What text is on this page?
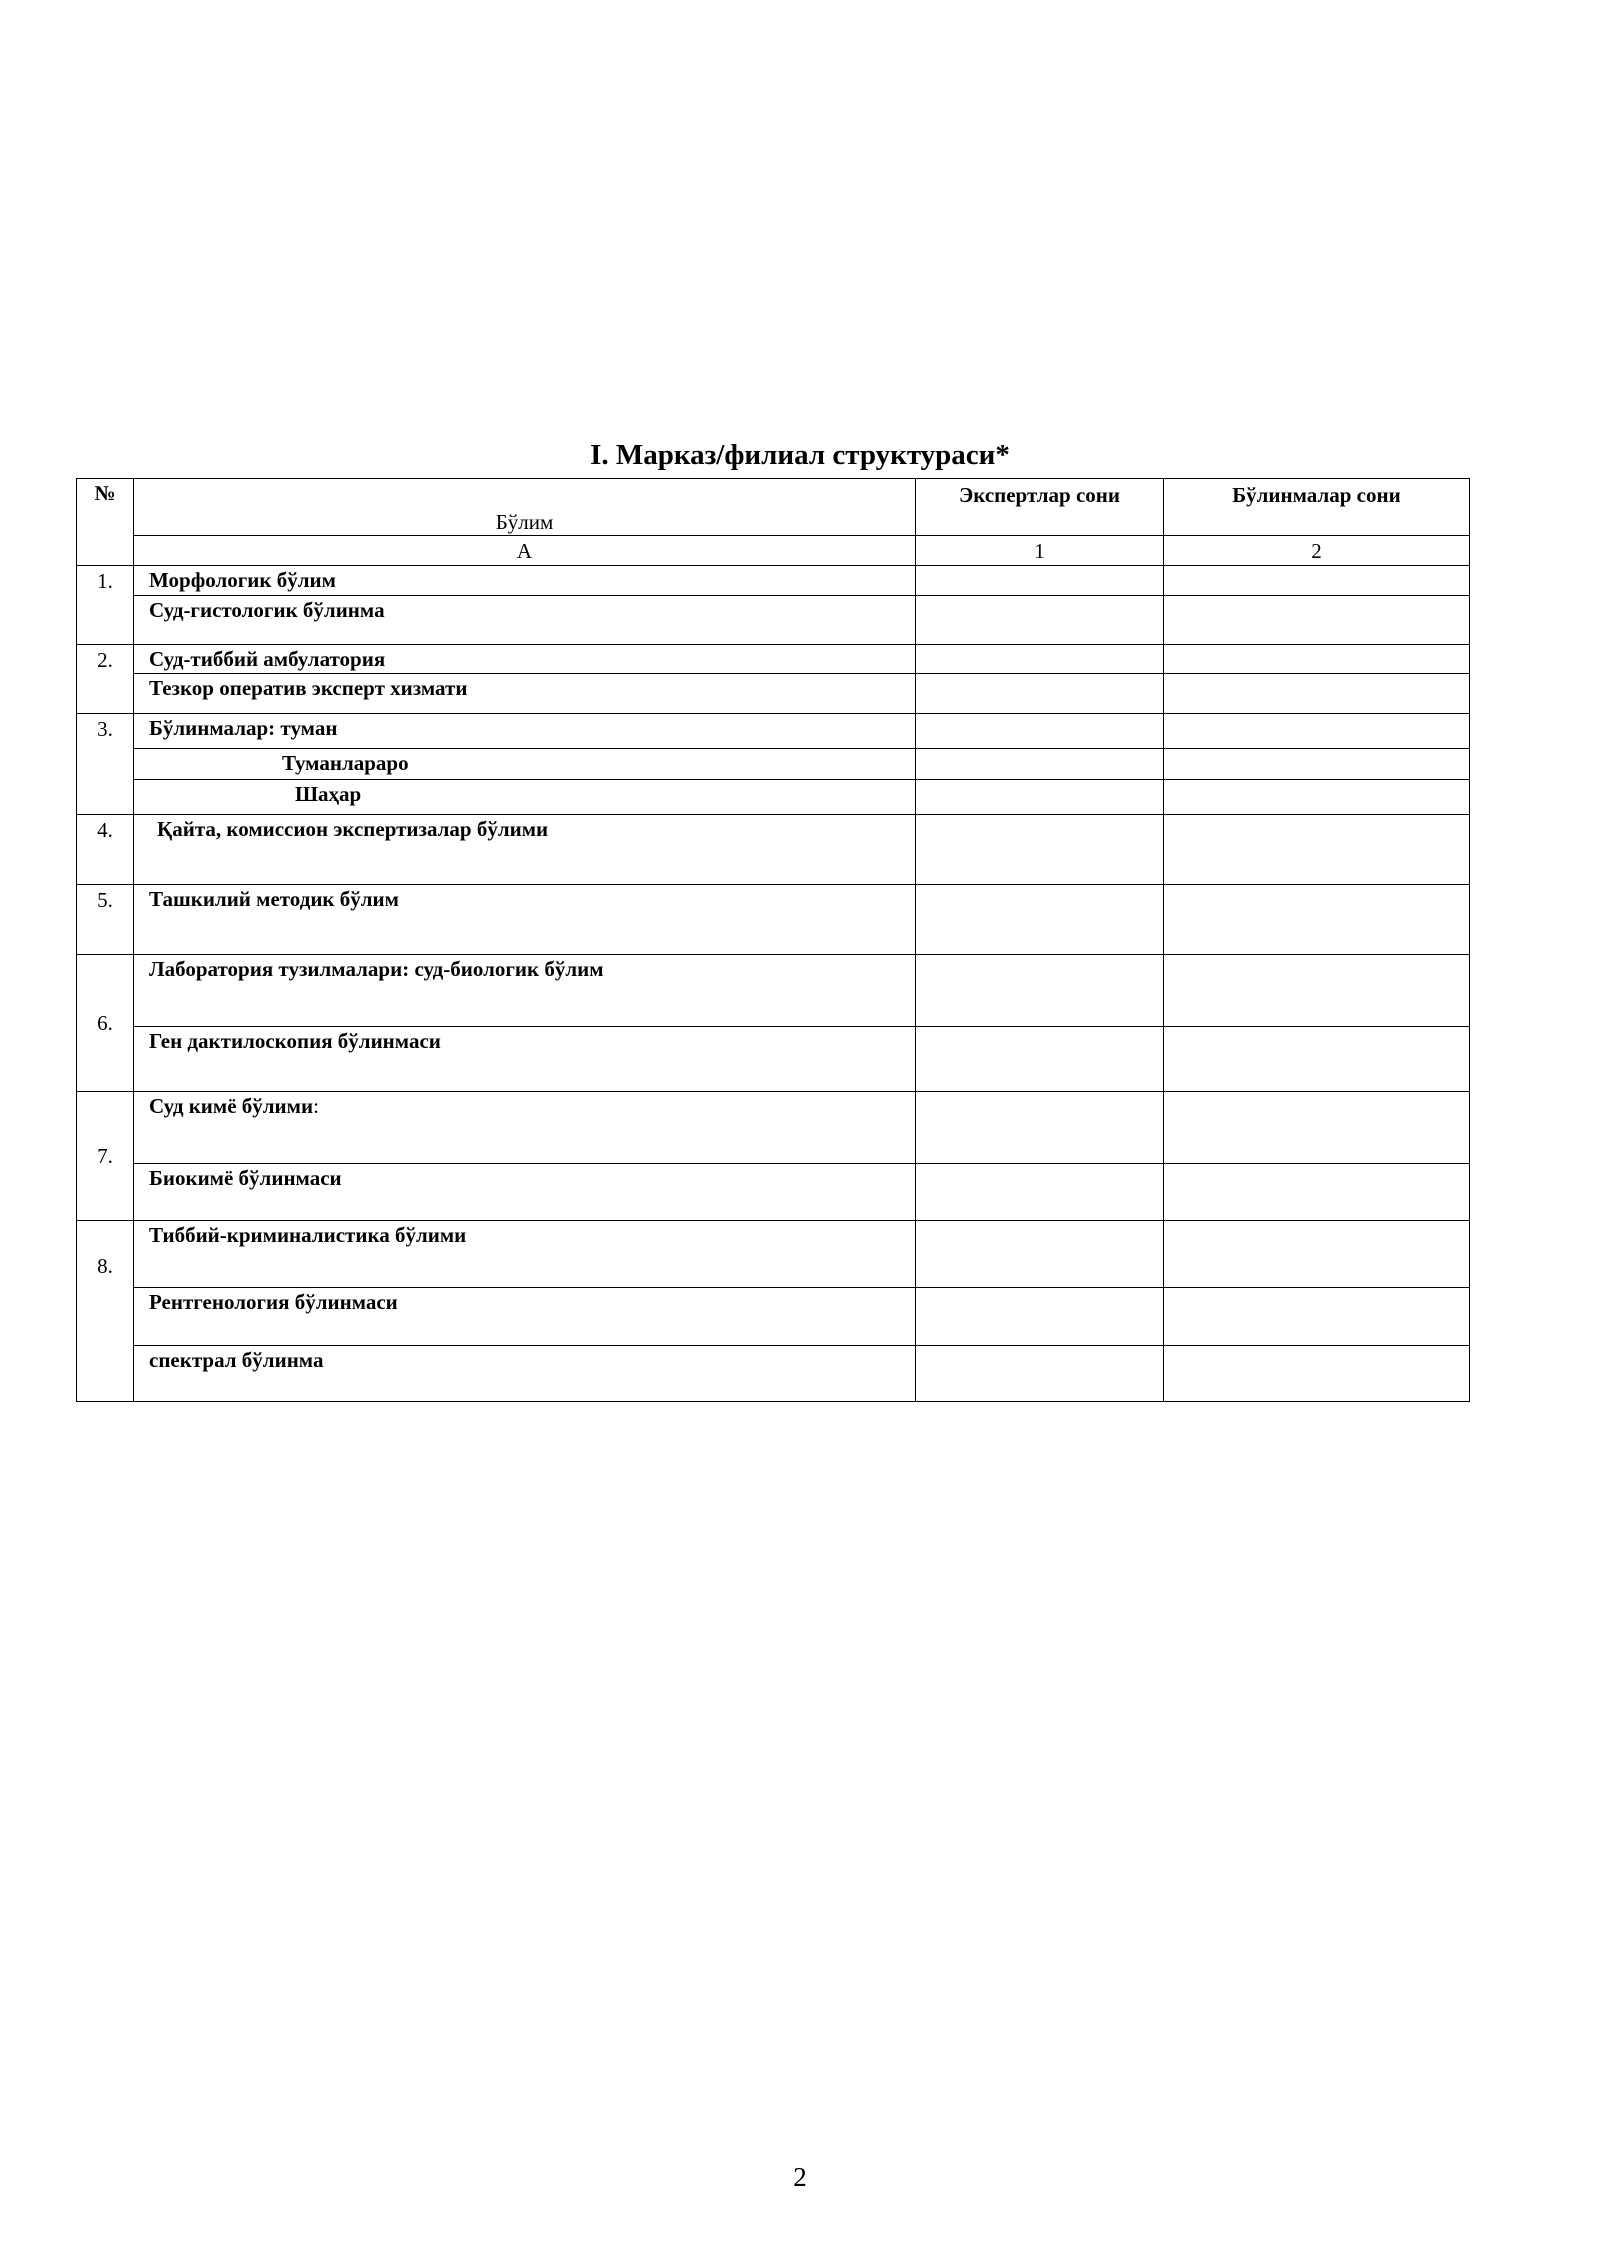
I. Марказ/филиал структураси*
№	Бўлим	Экспертлар сони	Бўлинмалар сони
	А	1	2
1.	Морфологик бўлим		
	Суд-гистологик бўлинма		
2.	Суд-тиббий амбулатория		
	Тезкор оператив эксперт хизмати		
3.	Бўлинмалар: туман		
	Туманлараро		
	Шаҳар		
4.	Қайта, комиссион экспертизалар бўлими		
5.	Ташкилий методик бўлим		
6.	Лаборатория тузилмалари: суд-биологик бўлим		
	Ген дактилоскопия бўлинмаси		
7.	Суд кимё бўлими:		
	Биокимё бўлинмаси		
8.	Тиббий-криминалистика бўлими		
	Рентгенология бўлинмаси		
	спектрал бўлинма		
2
